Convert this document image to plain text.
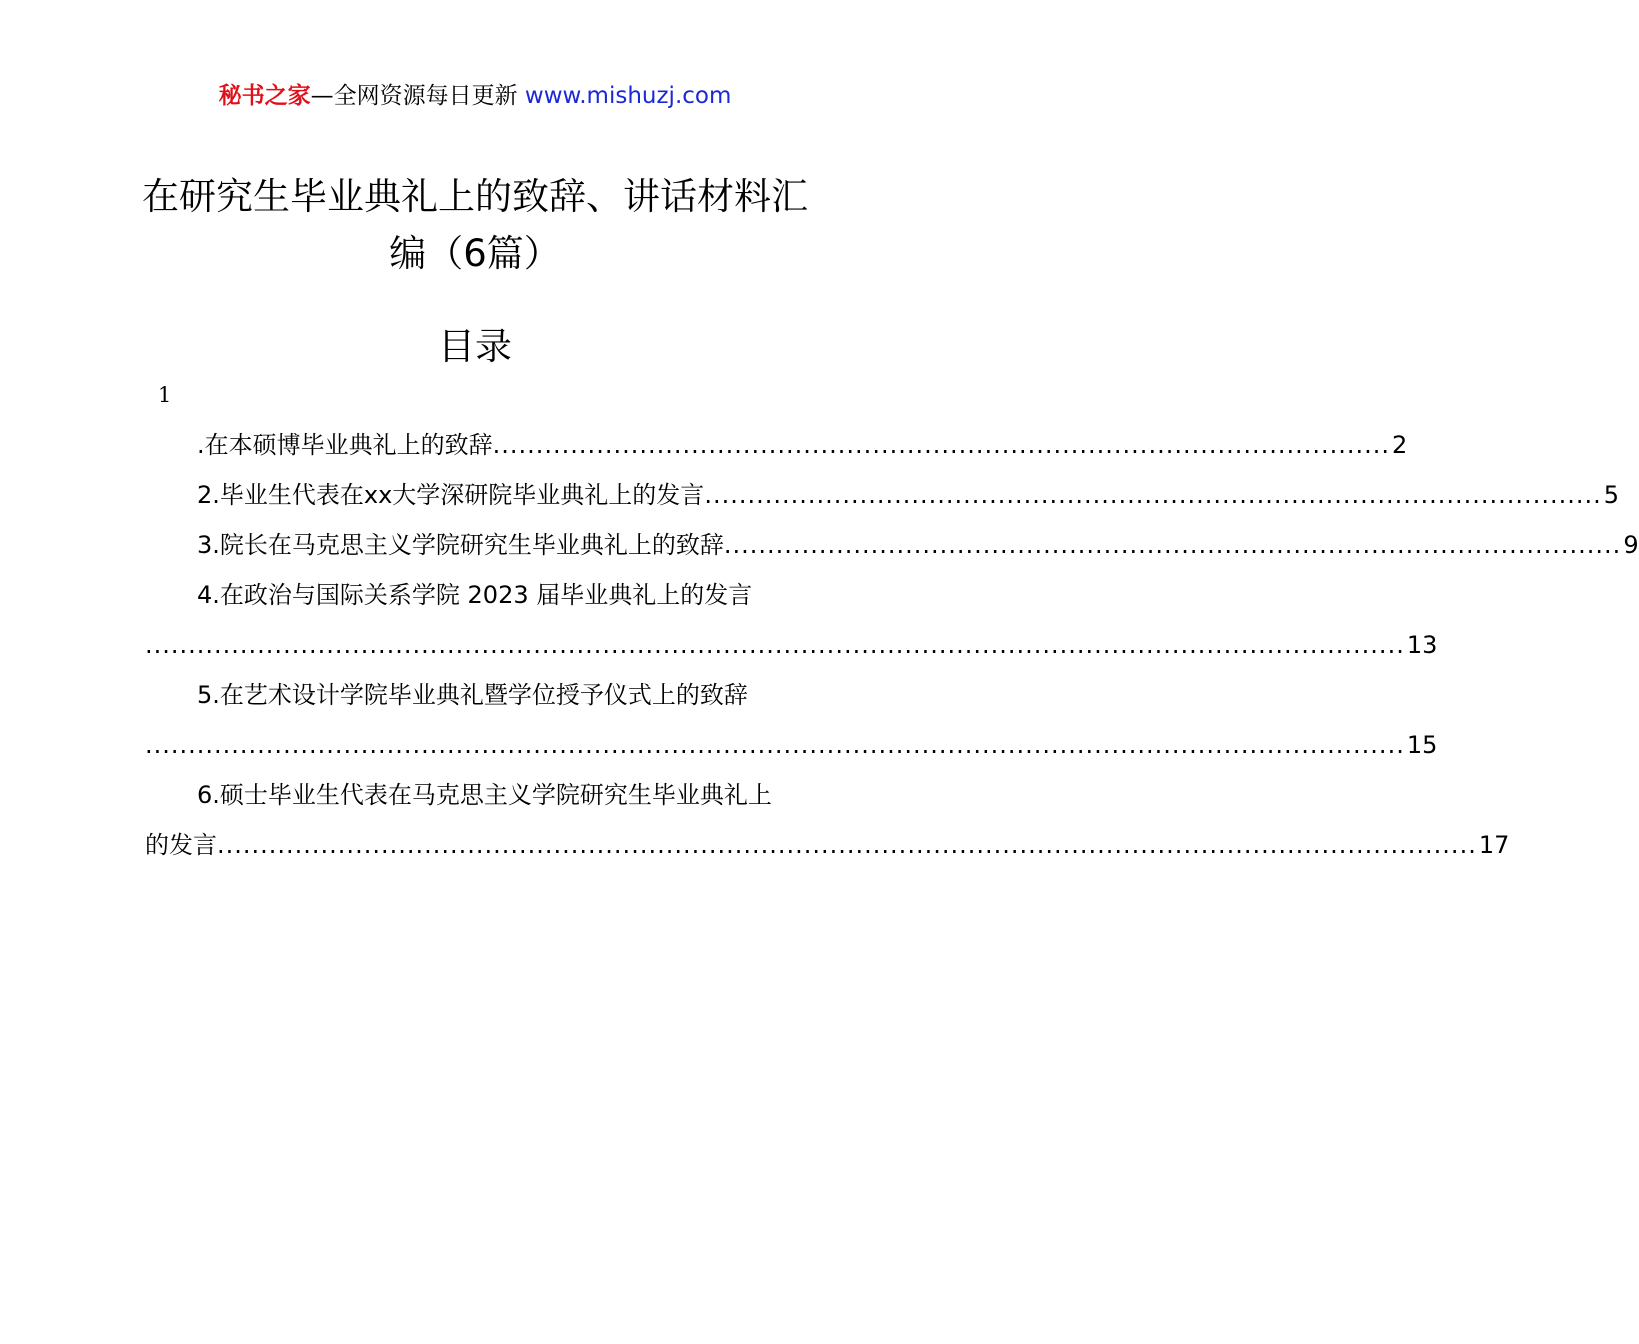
秘书之家—全网资源每日更新 www.mishuzj.com
在研究生毕业典礼上的致辞、讲话材料汇编（6篇）
目录
1
.在本硕博毕业典礼上的致辞 ........................................................................................................ 2
2.毕业生代表在xx大学深研院毕业典礼上的发言 ........................................................................................................ 5
3.院长在马克思主义学院研究生毕业典礼上的致辞 ........................................................................................................ 9
4.在政治与国际关系学院 2023 届毕业典礼上的发言
.................................................................................................................................................. 13
5.在艺术设计学院毕业典礼暨学位授予仪式上的致辞
.................................................................................................................................................. 15
6.硕士毕业生代表在马克思主义学院研究生毕业典礼上
的发言 .................................................................................................................................................. 17
